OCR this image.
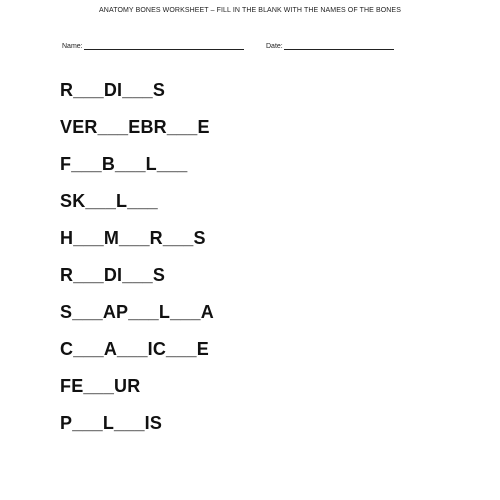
ANATOMY BONES WORKSHEET – FILL IN THE BLANK WITH THE NAMES OF THE BONES
Name:	Date:
R___DI___S
VER___EBR___E
F___B___L___
SK___L___
H___M___R___S
R___DI___S
S___AP___L___A
C___A___IC___E
FE___UR
P___L___IS
